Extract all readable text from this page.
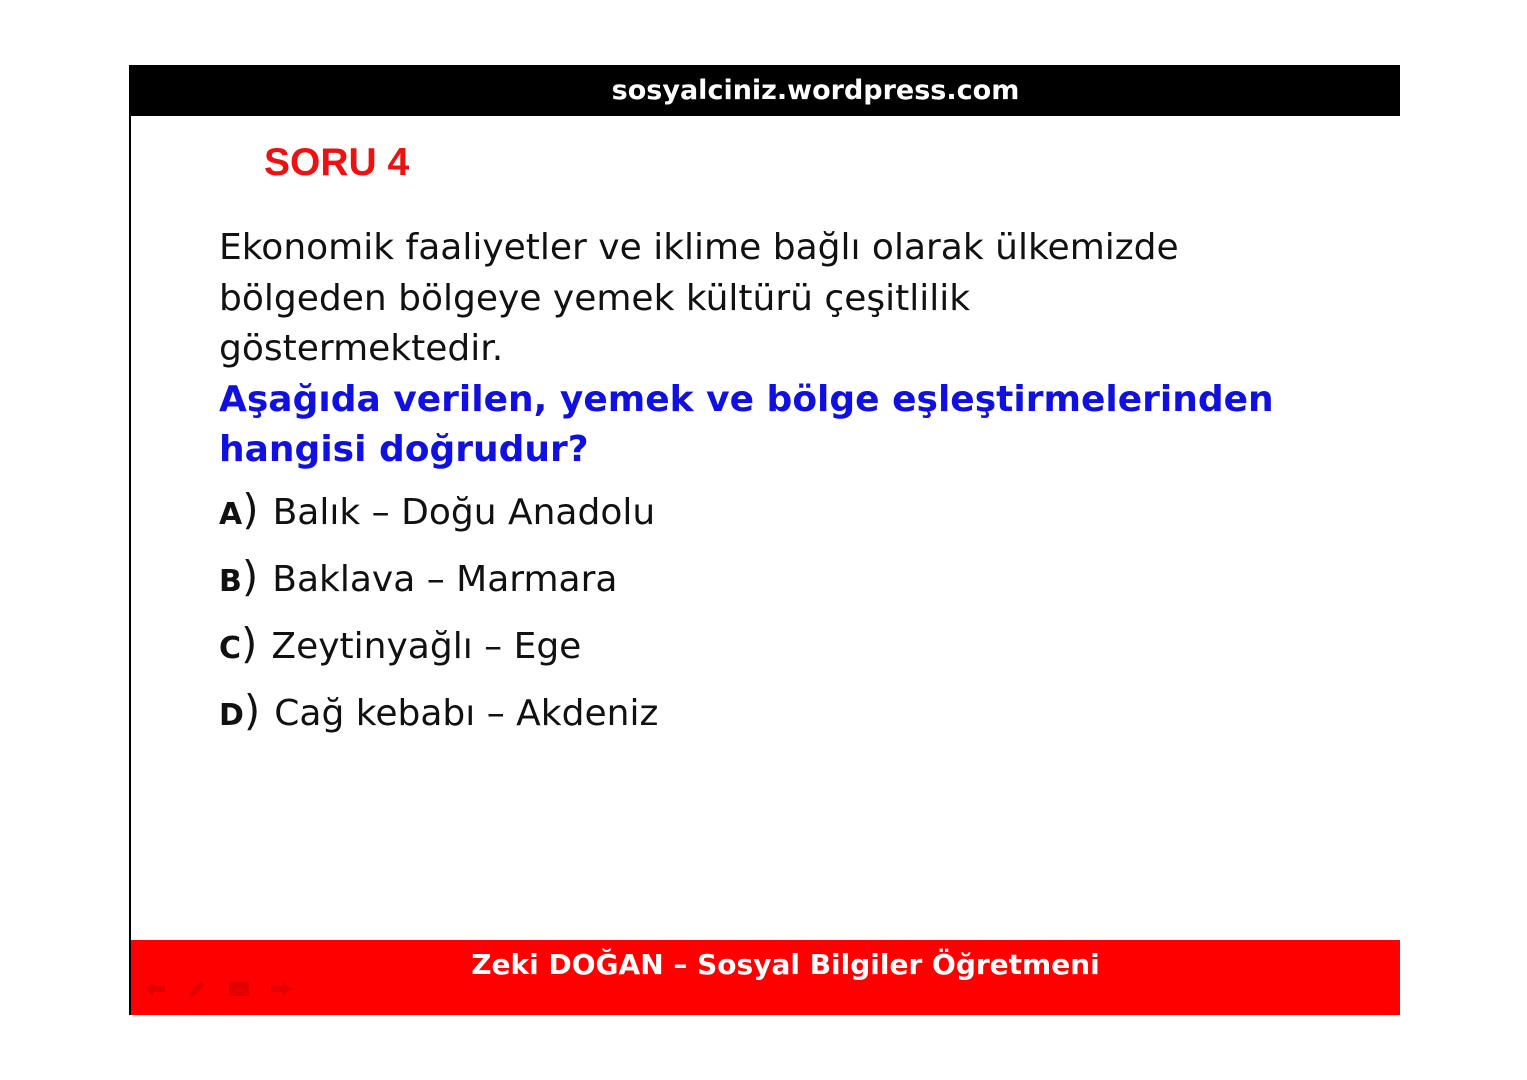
sosyalciniz.wordpress.com
SORU 4
Ekonomik faaliyetler ve iklime bağlı olarak ülkemizde bölgeden bölgeye yemek kültürü çeşitlilik göstermektedir.
Aşağıda verilen, yemek ve bölge eşleştirmelerinden hangisi doğrudur?
A ) Balık – Doğu Anadolu
B ) Baklava – Marmara
C ) Zeytinyağlı – Ege
D ) Cağ kebabı – Akdeniz
Zeki DOĞAN – Sosyal Bilgiler Öğretmeni
